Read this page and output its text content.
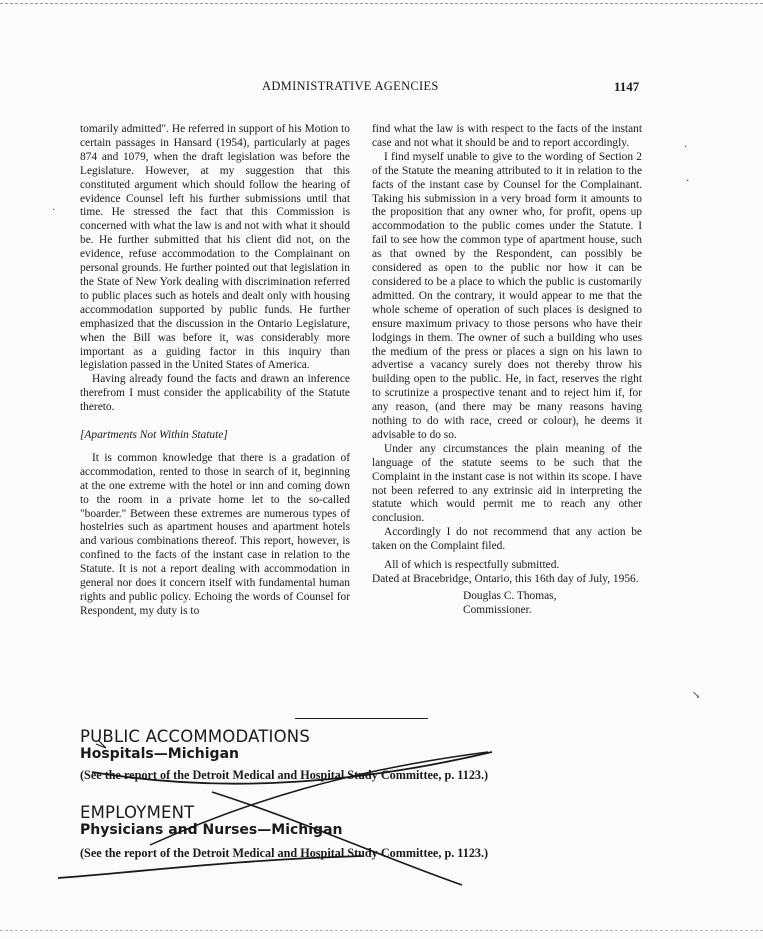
ADMINISTRATIVE AGENCIES	1147

tomarily admitted". He referred in support of his Motion to certain passages in Hansard (1954), particularly at pages 874 and 1079, when the draft legislation was before the Legislature. However, at my suggestion that this constituted argument which should follow the hearing of evidence Counsel left his further submissions until that time. He stressed the fact that this Commission is concerned with what the law is and not with what it should be. He further submitted that his client did not, on the evidence, refuse accommodation to the Complainant on personal grounds. He further pointed out that legislation in the State of New York dealing with discrimination referred to public places such as hotels and dealt only with housing accommodation supported by public funds. He further emphasized that the discussion in the Ontario Legislature, when the Bill was before it, was considerably more important as a guiding factor in this inquiry than legislation passed in the United States of America.

Having already found the facts and drawn an inference therefrom I must consider the applicability of the Statute thereto.

[Apartments Not Within Statute]

It is common knowledge that there is a gradation of accommodation, rented to those in search of it, beginning at the one extreme with the hotel or inn and coming down to the room in a private home let to the so-called "boarder." Between these extremes are numerous types of hostelries such as apartment houses and apartment hotels and various combinations thereof. This report, however, is confined to the facts of the instant case in relation to the Statute. It is not a report dealing with accommodation in general nor does it concern itself with fundamental human rights and public policy. Echoing the words of Counsel for Respondent, my duty is to

find what the law is with respect to the facts of the instant case and not what it should be and to report accordingly.

I find myself unable to give to the wording of Section 2 of the Statute the meaning attributed to it in relation to the facts of the instant case by Counsel for the Complainant. Taking his submission in a very broad form it amounts to the proposition that any owner who, for profit, opens up accommodation to the public comes under the Statute. I fail to see how the common type of apartment house, such as that owned by the Respondent, can possibly be considered as open to the public nor how it can be considered to be a place to which the public is customarily admitted. On the contrary, it would appear to me that the whole scheme of operation of such places is designed to ensure maximum privacy to those persons who have their lodgings in them. The owner of such a building who uses the medium of the press or places a sign on his lawn to advertise a vacancy surely does not thereby throw his building open to the public. He, in fact, reserves the right to scrutinize a prospective tenant and to reject him if, for any reason, (and there may be many reasons having nothing to do with race, creed or colour), he deems it advisable to do so.

Under any circumstances the plain meaning of the language of the statute seems to be such that the Complaint in the instant case is not within its scope. I have not been referred to any extrinsic aid in interpreting the statute which would permit me to reach any other conclusion.

Accordingly I do not recommend that any action be taken on the Complaint filed.

All of which is respectfully submitted.

Dated at Bracebridge, Ontario, this 16th day of July, 1956.

Douglas C. Thomas,
Commissioner.
PUBLIC ACCOMMODATIONS
Hospitals—Michigan
(See the report of the Detroit Medical and Hospital Study Committee, p. 1123.)
EMPLOYMENT
Physicians and Nurses—Michigan
(See the report of the Detroit Medical and Hospital Study Committee, p. 1123.)
·
·
·
↘
